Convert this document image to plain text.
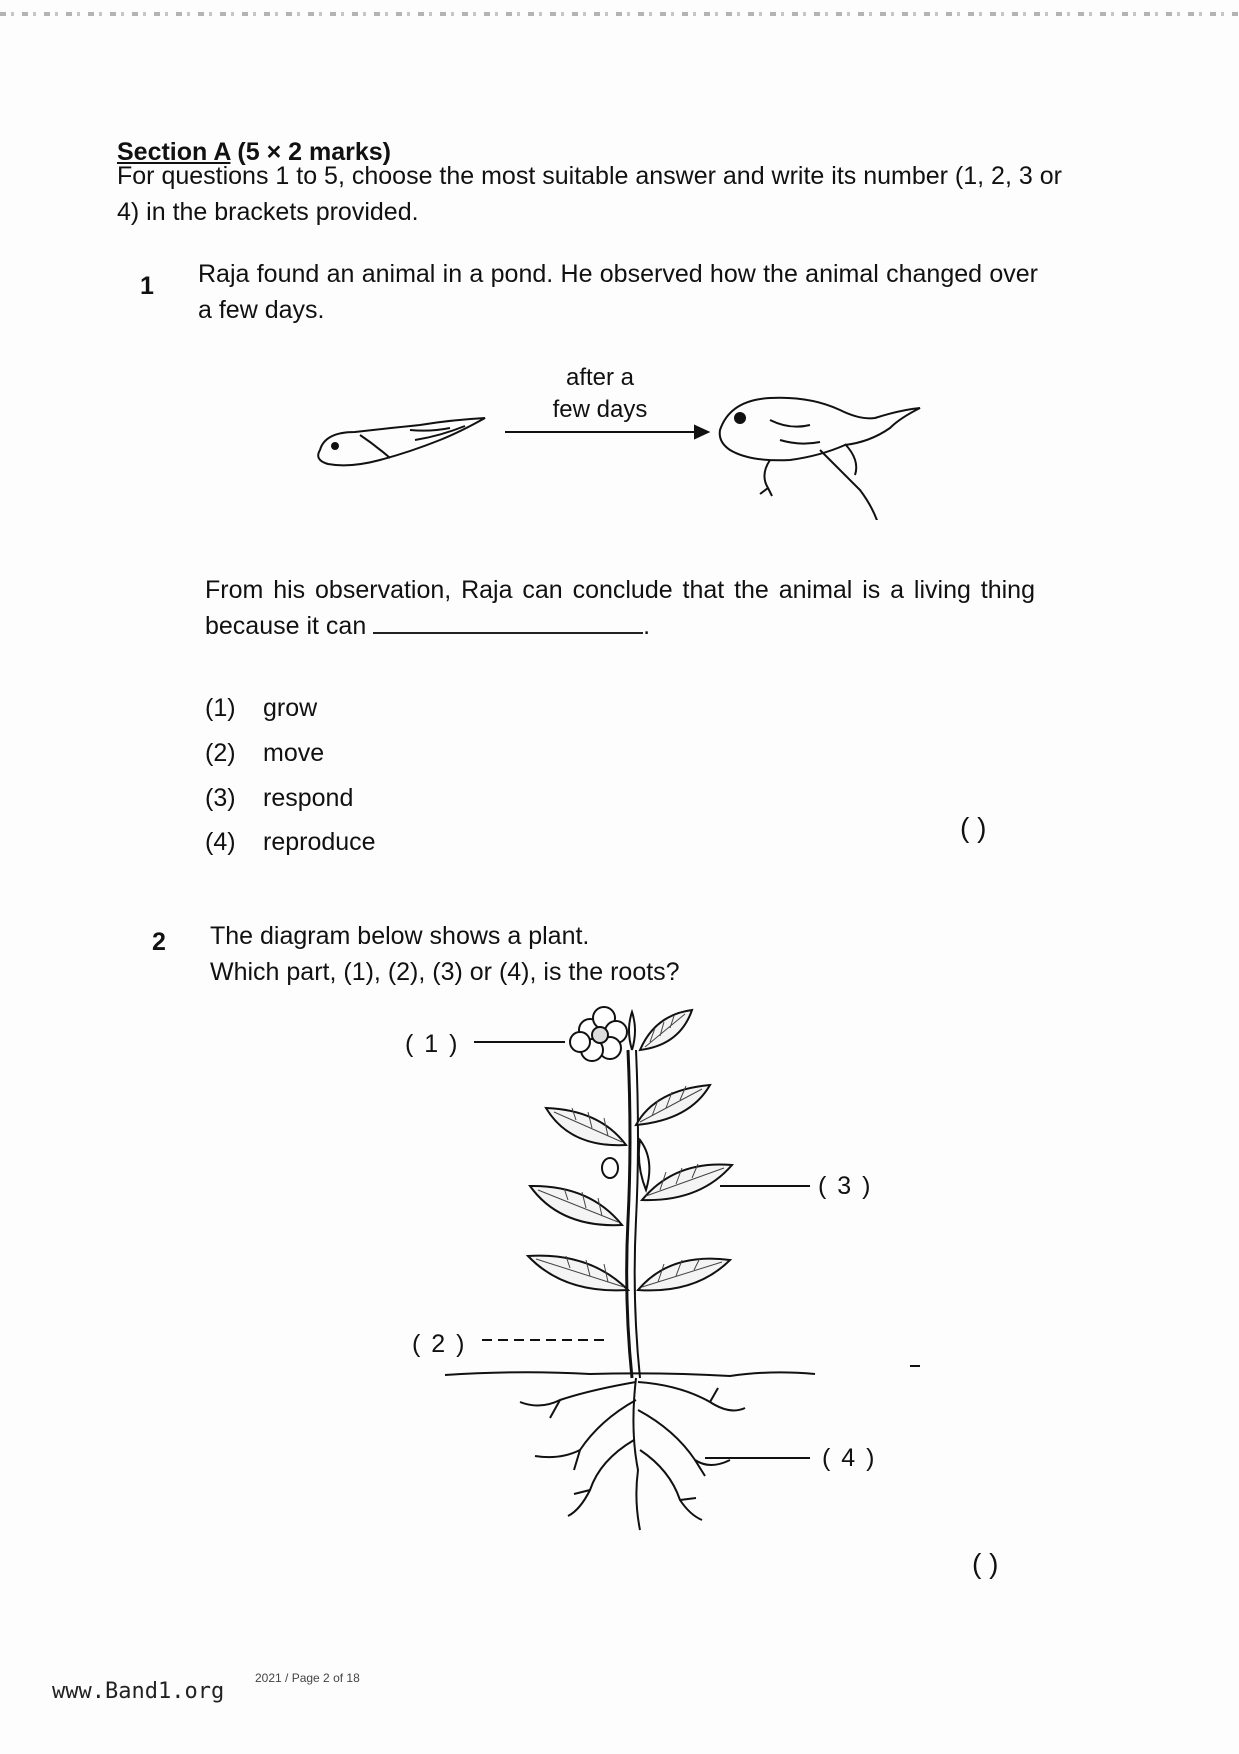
Section A (5 × 2 marks)
For questions 1 to 5, choose the most suitable answer and write its number (1, 2, 3 or 4) in the brackets provided.
1 Raja found an animal in a pond. He observed how the animal changed over a few days.
after a
few days
From his observation, Raja can conclude that the animal is a living thing because it can	.
(1) grow
(2) move
(3) respond
(4) reproduce	( )
2 The diagram below shows a plant.
Which part, (1), (2), (3) or (4), is the roots?
( 1 )
( 2 )
( 3 )
( 4 )
( )
2021 / Page 2 of 18
www.Band1.org
